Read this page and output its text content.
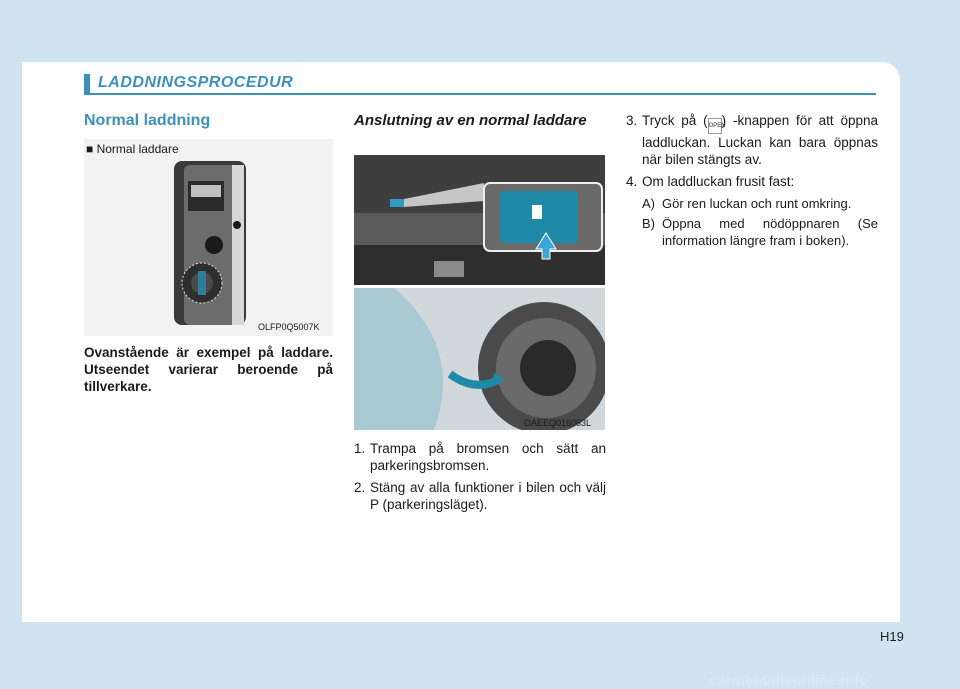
LADDNINGSPROCEDUR
Normal laddning
■ Normal laddare
OLFP0Q5007K
Ovanstående är exempel på laddare. Utseendet varierar beroende på tillverkare.
Anslutning av en normal laddare
OAEEQ016063L
1. Trampa på bromsen och sätt an parkeringsbromsen.
2. Stäng av alla funktioner i bilen och välj P (parkeringsläget).
3. Tryck på (OPEN) -knappen för att öppna laddluckan. Luckan kan bara öppnas när bilen stängts av.
4. Om laddluckan frusit fast:
A) Gör ren luckan och runt omkring.
B) Öppna med nödöppnaren (Se information längre fram i boken).
H19
carmanualsonline.info
